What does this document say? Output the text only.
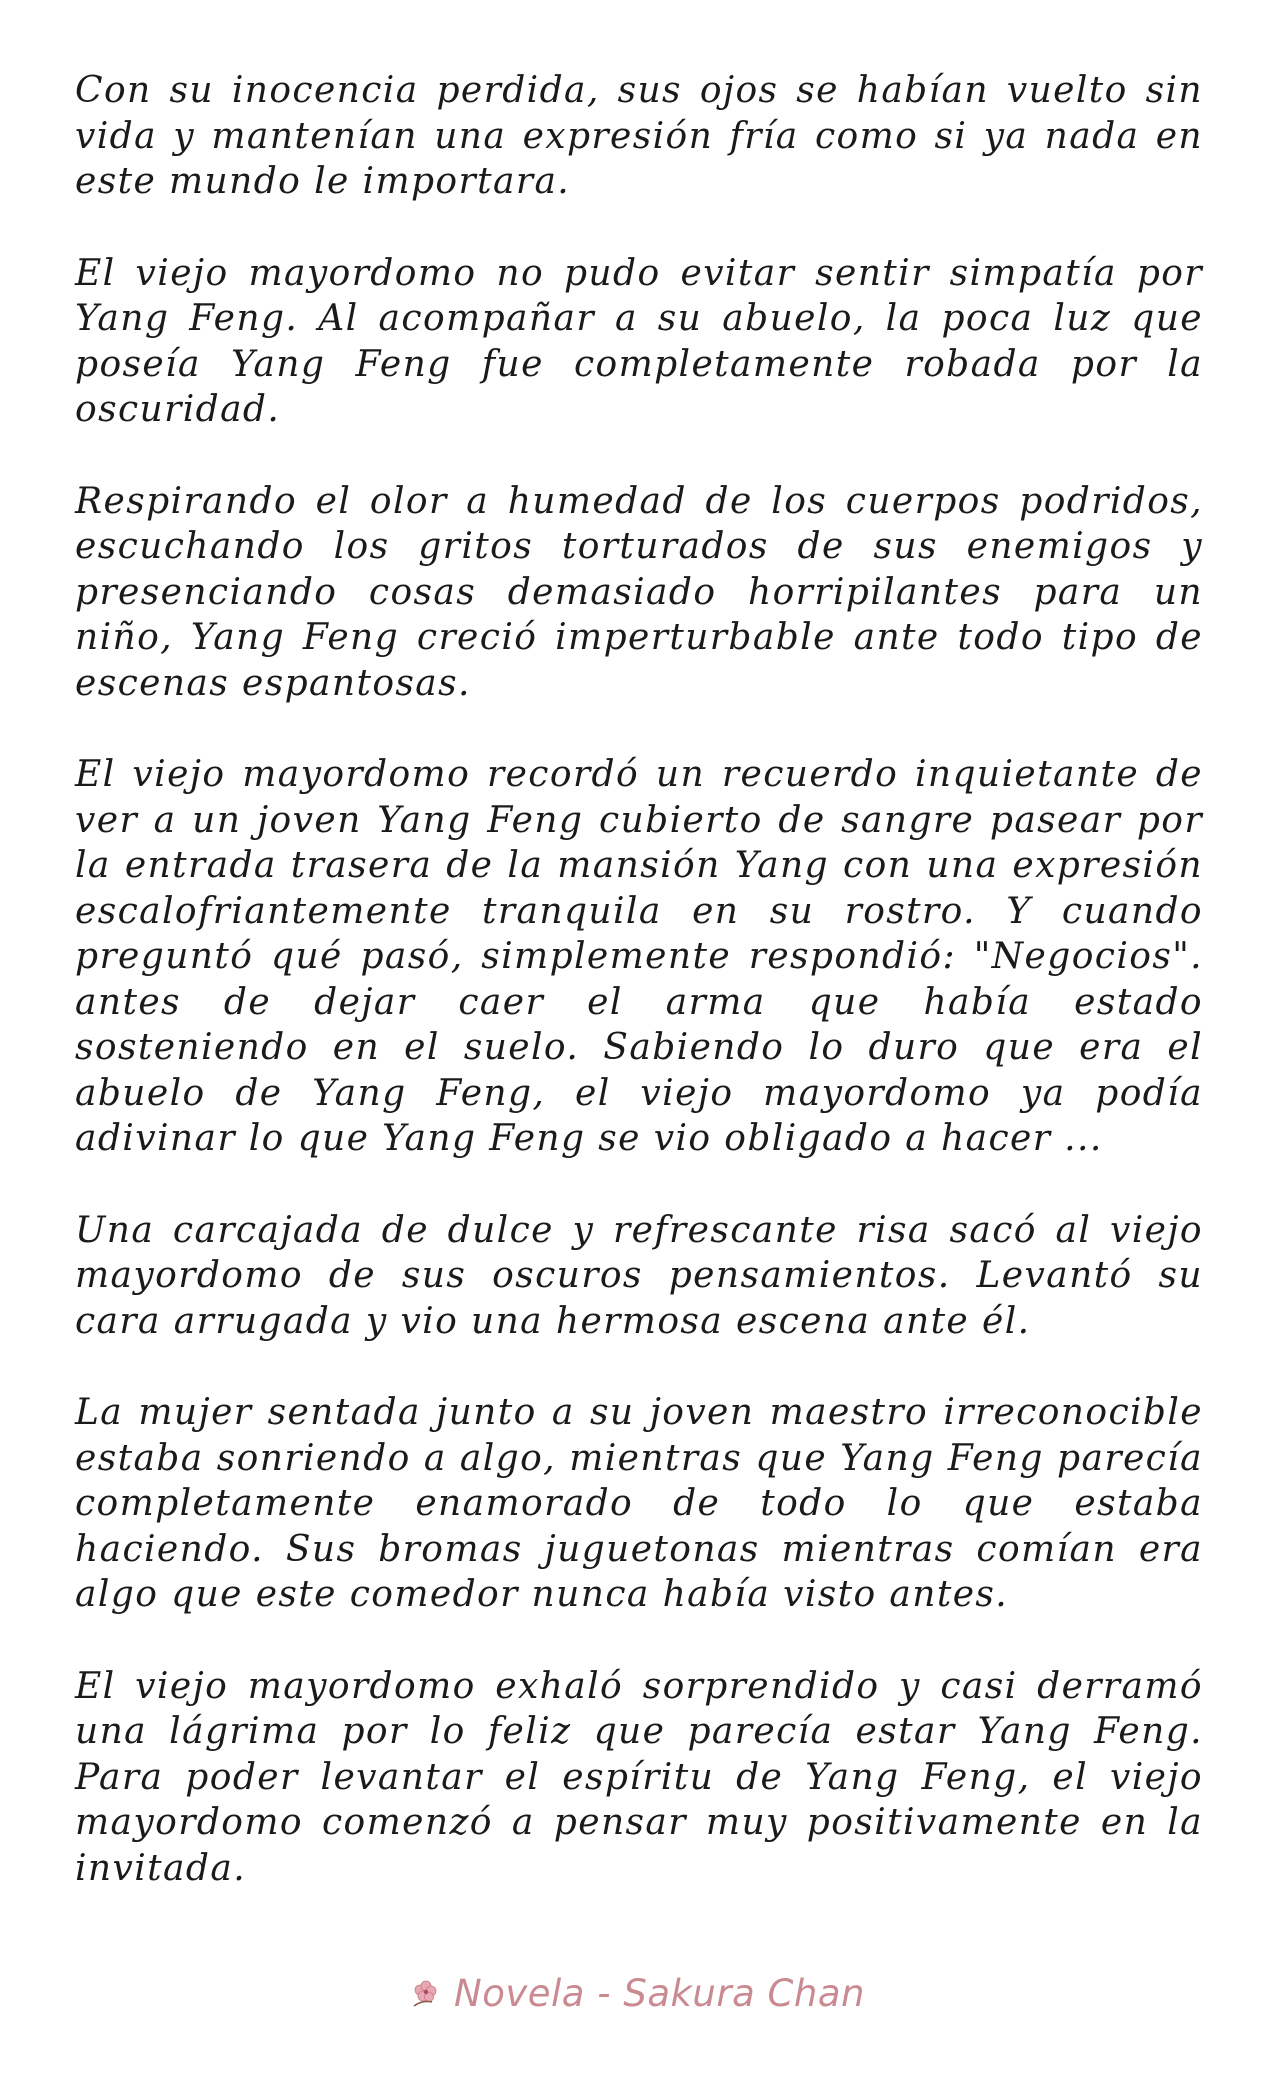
Con su inocencia perdida, sus ojos se habían vuelto sin vida y mantenían una expresión fría como si ya nada en este mundo le importara.

El viejo mayordomo no pudo evitar sentir simpatía por Yang Feng. Al acompañar a su abuelo, la poca luz que poseía Yang Feng fue completamente robada por la oscuridad.

Respirando el olor a humedad de los cuerpos podridos, escuchando los gritos torturados de sus enemigos y presenciando cosas demasiado horripilantes para un niño, Yang Feng creció imperturbable ante todo tipo de escenas espantosas.

El viejo mayordomo recordó un recuerdo inquietante de ver a un joven Yang Feng cubierto de sangre pasear por la entrada trasera de la mansión Yang con una expresión escalofriantemente tranquila en su rostro. Y cuando preguntó qué pasó, simplemente respondió: "Negocios". antes de dejar caer el arma que había estado sosteniendo en el suelo. Sabiendo lo duro que era el abuelo de Yang Feng, el viejo mayordomo ya podía adivinar lo que Yang Feng se vio obligado a hacer ...

Una carcajada de dulce y refrescante risa sacó al viejo mayordomo de sus oscuros pensamientos. Levantó su cara arrugada y vio una hermosa escena ante él.

La mujer sentada junto a su joven maestro irreconocible estaba sonriendo a algo, mientras que Yang Feng parecía completamente enamorado de todo lo que estaba haciendo. Sus bromas juguetonas mientras comían era algo que este comedor nunca había visto antes.

El viejo mayordomo exhaló sorprendido y casi derramó una lágrima por lo feliz que parecía estar Yang Feng. Para poder levantar el espíritu de Yang Feng, el viejo mayordomo comenzó a pensar muy positivamente en la invitada.

Novela - Sakura Chan
